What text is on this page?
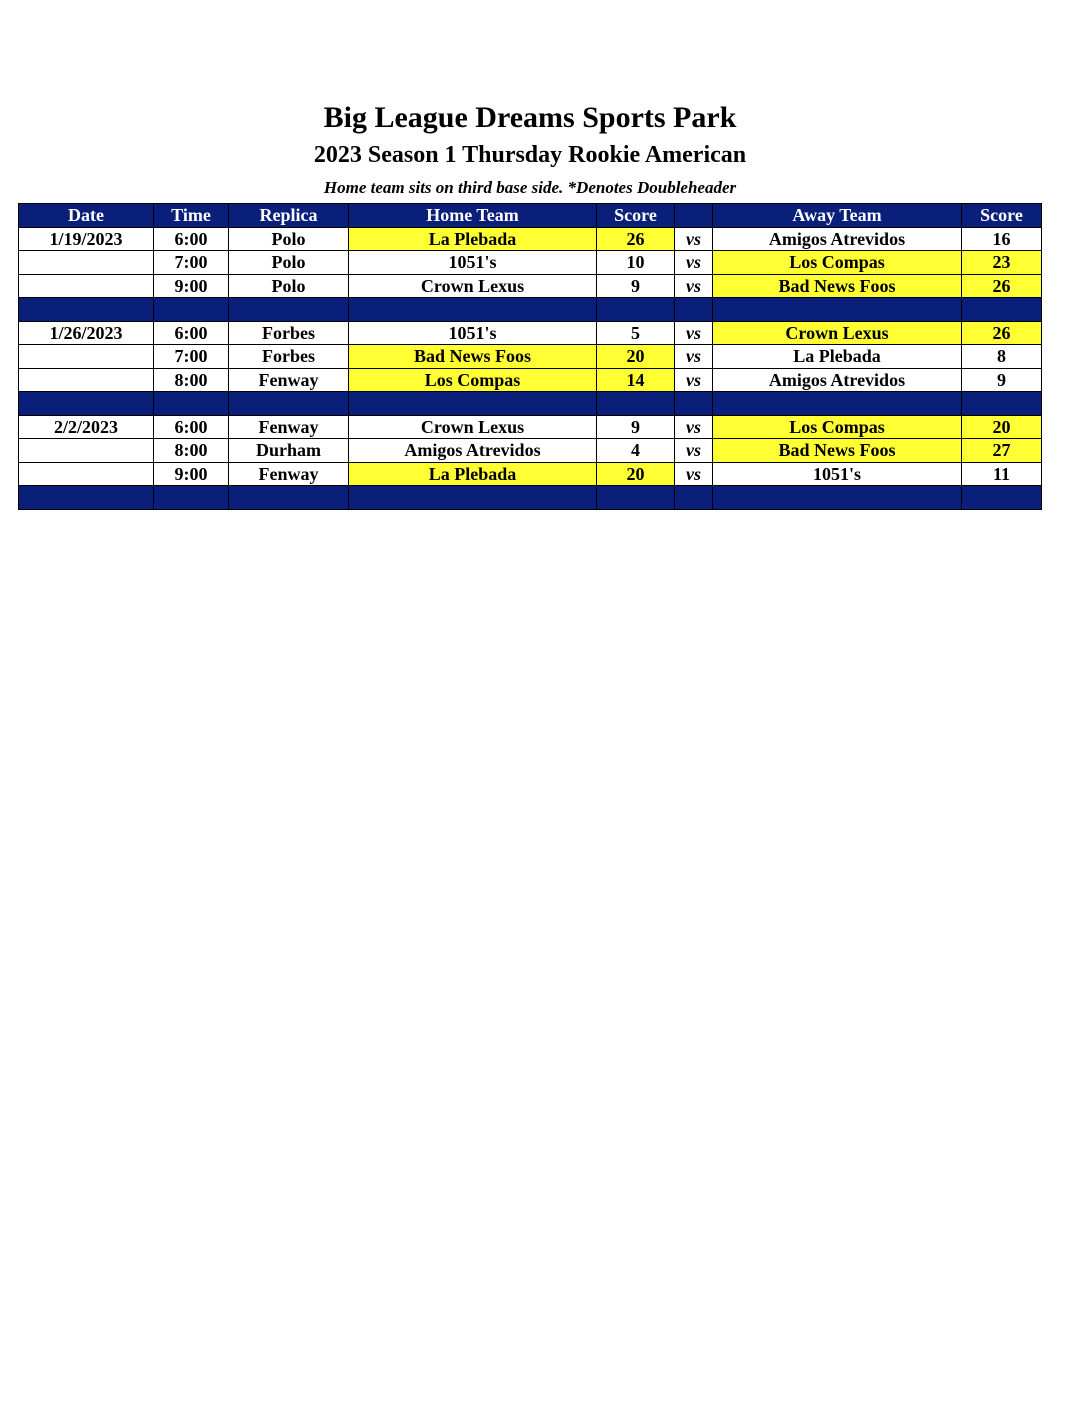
Big League Dreams Sports Park
2023 Season 1 Thursday Rookie American
Home team sits on third base side. *Denotes Doubleheader
Date	Time	Replica	Home Team	Score		Away Team	Score
1/19/2023	6:00	Polo	La Plebada	26	vs	Amigos Atrevidos	16
	7:00	Polo	1051's	10	vs	Los Compas	23
	9:00	Polo	Crown Lexus	9	vs	Bad News Foos	26

1/26/2023	6:00	Forbes	1051's	5	vs	Crown Lexus	26
	7:00	Forbes	Bad News Foos	20	vs	La Plebada	8
	8:00	Fenway	Los Compas	14	vs	Amigos Atrevidos	9

2/2/2023	6:00	Fenway	Crown Lexus	9	vs	Los Compas	20
	8:00	Durham	Amigos Atrevidos	4	vs	Bad News Foos	27
	9:00	Fenway	La Plebada	20	vs	1051's	11
